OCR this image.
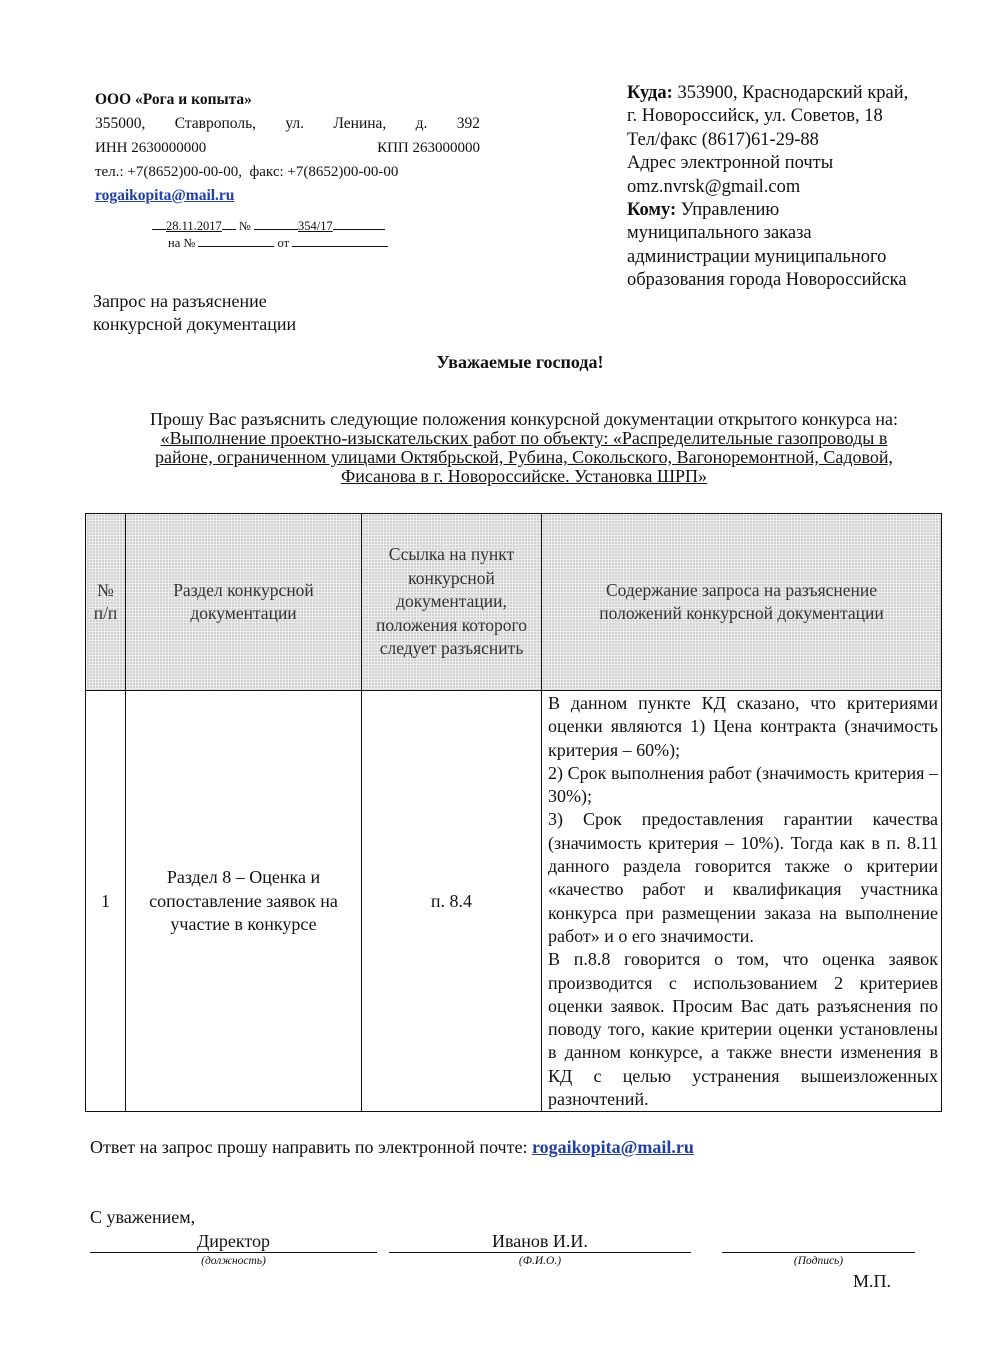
ООО «Рога и копыта»
355000, Ставрополь, ул. Ленина, д. 392
ИНН 2630000000	КПП 263000000
тел.: +7(8652)00-00-00,  факс: +7(8652)00-00-00
rogaikopita@mail.ru
28.11.2017 №	354/17
на №	от
Куда: 353900, Краснодарский край,
г. Новороссийск, ул. Советов, 18
Тел/факс (8617)61-29-88
Адрес электронной почты
omz.nvrsk@gmail.com
Кому: Управлению
муниципального заказа
администрации муниципального
образования города Новороссийска
Запрос на разъяснение
конкурсной документации
Уважаемые господа!
Прошу Вас разъяснить следующие положения конкурсной документации открытого конкурса на:
«Выполнение проектно-изыскательских работ по объекту: «Распределительные газопроводы в
районе, ограниченном улицами Октябрьской, Рубина, Сокольского, Вагоноремонтной, Садовой,
Фисанова в г. Новороссийске. Установка ШРП»
№
п/п	Раздел конкурсной документации	Ссылка на пункт конкурсной документации, положения которого следует разъяснить	Содержание запроса на разъяснение положений конкурсной документации

1	Раздел 8 – Оценка и сопоставление заявок на участие в конкурсе	п. 8.4	В данном пункте КД сказано, что критериями оценки являются 1) Цена контракта (значимость критерия – 60%);

2) Срок выполнения работ (значимость критерия – 30%);

3) Срок предоставления гарантии качества (значимость критерия – 10%). Тогда как в п. 8.11 данного раздела говорится также о критерии «качество работ и квалификация участника конкурса при размещении заказа на выполнение работ» и о его значимости.

В п.8.8 говорится о том, что оценка заявок производится с использованием 2 критериев оценки заявок. Просим Вас дать разъяснения по поводу того, какие критерии оценки установлены в данном конкурсе, а также внести изменения в КД с целью устранения вышеизложенных разночтений.

Ответ на запрос прошу направить по электронной почте: rogaikopita@mail.ru
С уважением,
Директор
(должность)
Иванов И.И.
(Ф.И.О.)	(Подпись)
М.П.
